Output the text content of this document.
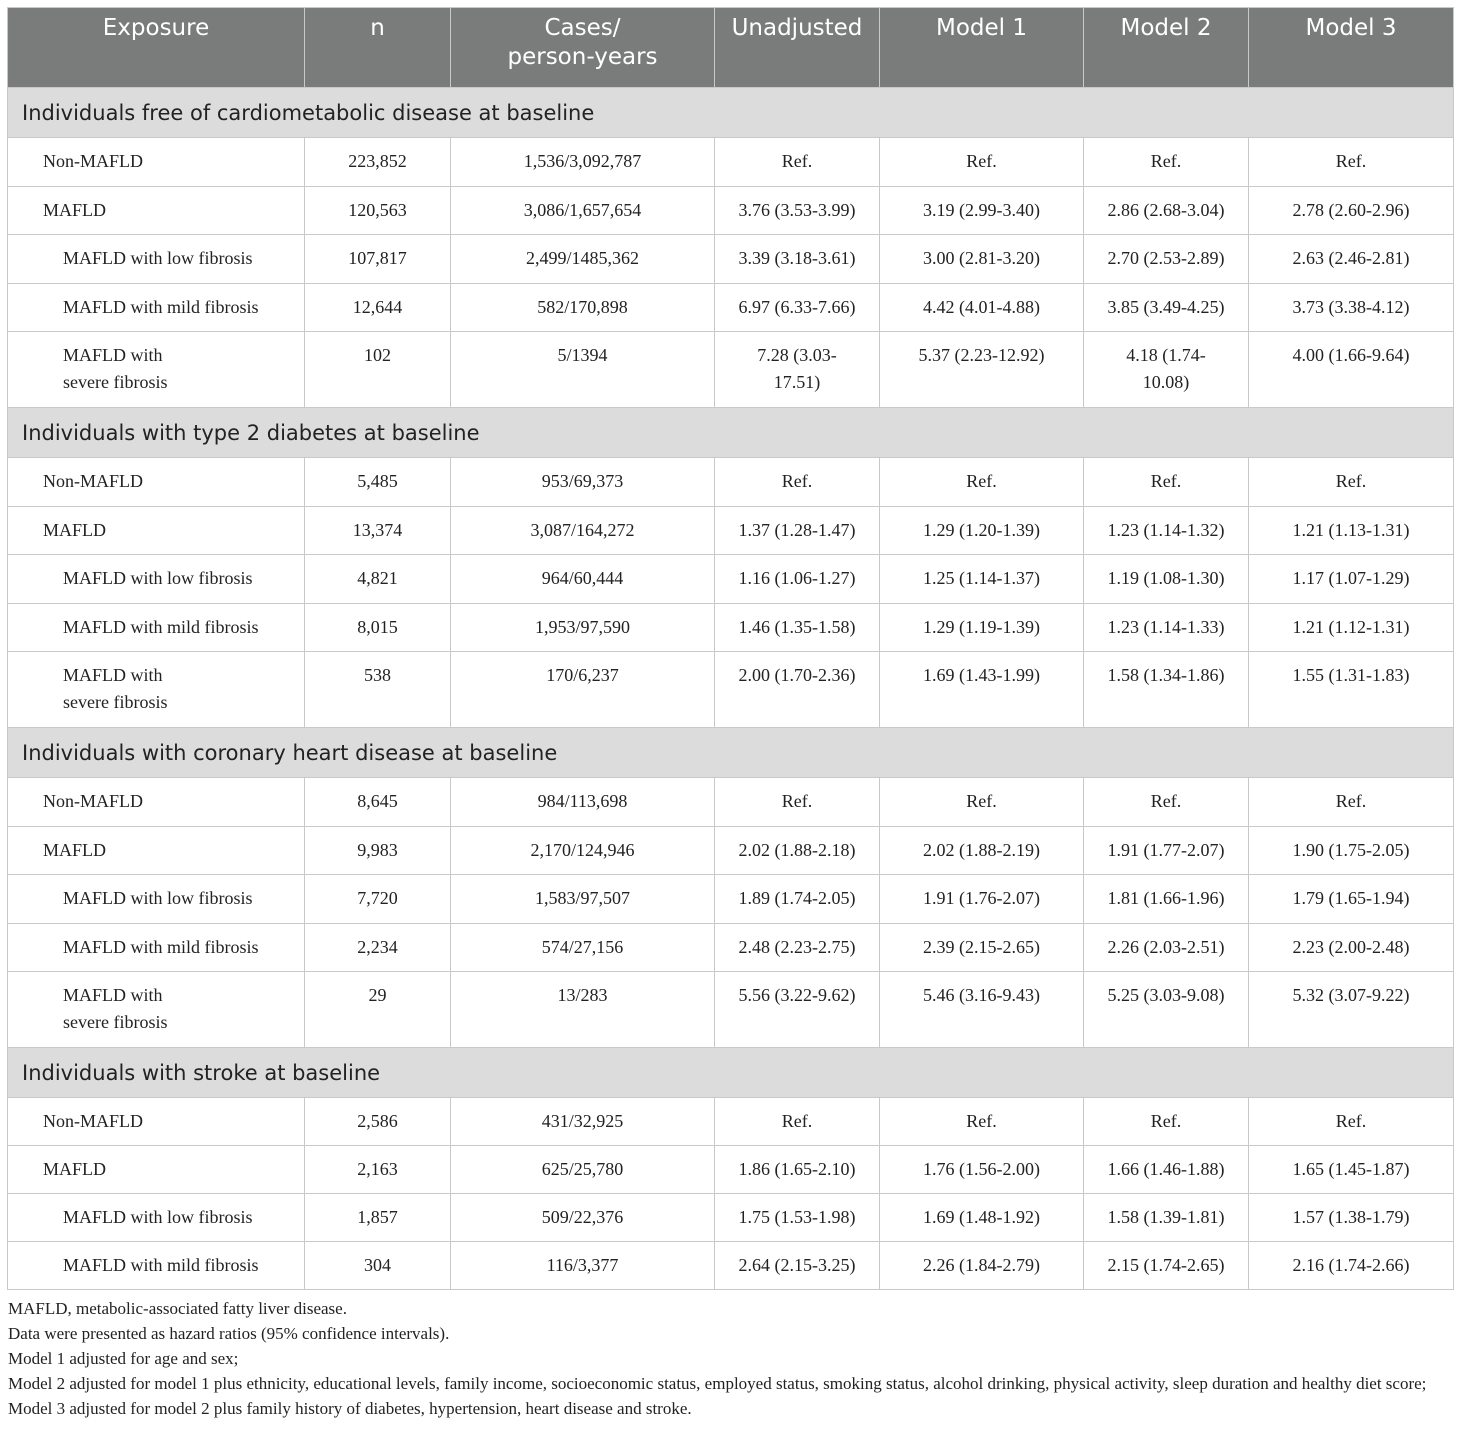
Exposure	n	Cases/
person-years	Unadjusted	Model 1	Model 2	Model 3
Individuals free of cardiometabolic disease at baseline						
Non-MAFLD	223,852	1,536/3,092,787	Ref.	Ref.	Ref.	Ref.
MAFLD	120,563	3,086/1,657,654	3.76 (3.53-3.99)	3.19 (2.99-3.40)	2.86 (2.68-3.04)	2.78 (2.60-2.96)
MAFLD with low fibrosis	107,817	2,499/1485,362	3.39 (3.18-3.61)	3.00 (2.81-3.20)	2.70 (2.53-2.89)	2.63 (2.46-2.81)
MAFLD with mild fibrosis	12,644	582/170,898	6.97 (6.33-7.66)	4.42 (4.01-4.88)	3.85 (3.49-4.25)	3.73 (3.38-4.12)
MAFLD with severe fibrosis	102	5/1394	7.28 (3.03-17.51)	5.37 (2.23-12.92)	4.18 (1.74-10.08)	4.00 (1.66-9.64)
Individuals with type 2 diabetes at baseline						
Non-MAFLD	5,485	953/69,373	Ref.	Ref.	Ref.	Ref.
MAFLD	13,374	3,087/164,272	1.37 (1.28-1.47)	1.29 (1.20-1.39)	1.23 (1.14-1.32)	1.21 (1.13-1.31)
MAFLD with low fibrosis	4,821	964/60,444	1.16 (1.06-1.27)	1.25 (1.14-1.37)	1.19 (1.08-1.30)	1.17 (1.07-1.29)
MAFLD with mild fibrosis	8,015	1,953/97,590	1.46 (1.35-1.58)	1.29 (1.19-1.39)	1.23 (1.14-1.33)	1.21 (1.12-1.31)
MAFLD with severe fibrosis	538	170/6,237	2.00 (1.70-2.36)	1.69 (1.43-1.99)	1.58 (1.34-1.86)	1.55 (1.31-1.83)
Individuals with coronary heart disease at baseline						
Non-MAFLD	8,645	984/113,698	Ref.	Ref.	Ref.	Ref.
MAFLD	9,983	2,170/124,946	2.02 (1.88-2.18)	2.02 (1.88-2.19)	1.91 (1.77-2.07)	1.90 (1.75-2.05)
MAFLD with low fibrosis	7,720	1,583/97,507	1.89 (1.74-2.05)	1.91 (1.76-2.07)	1.81 (1.66-1.96)	1.79 (1.65-1.94)
MAFLD with mild fibrosis	2,234	574/27,156	2.48 (2.23-2.75)	2.39 (2.15-2.65)	2.26 (2.03-2.51)	2.23 (2.00-2.48)
MAFLD with severe fibrosis	29	13/283	5.56 (3.22-9.62)	5.46 (3.16-9.43)	5.25 (3.03-9.08)	5.32 (3.07-9.22)
Individuals with stroke at baseline						
Non-MAFLD	2,586	431/32,925	Ref.	Ref.	Ref.	Ref.
MAFLD	2,163	625/25,780	1.86 (1.65-2.10)	1.76 (1.56-2.00)	1.66 (1.46-1.88)	1.65 (1.45-1.87)
MAFLD with low fibrosis	1,857	509/22,376	1.75 (1.53-1.98)	1.69 (1.48-1.92)	1.58 (1.39-1.81)	1.57 (1.38-1.79)
MAFLD with mild fibrosis	304	116/3,377	2.64 (2.15-3.25)	2.26 (1.84-2.79)	2.15 (1.74-2.65)	2.16 (1.74-2.66)
MAFLD, metabolic-associated fatty liver disease.
Data were presented as hazard ratios (95% confidence intervals).
Model 1 adjusted for age and sex;
Model 2 adjusted for model 1 plus ethnicity, educational levels, family income, socioeconomic status, employed status, smoking status, alcohol drinking, physical activity, sleep duration and healthy diet score;
Model 3 adjusted for model 2 plus family history of diabetes, hypertension, heart disease and stroke.
